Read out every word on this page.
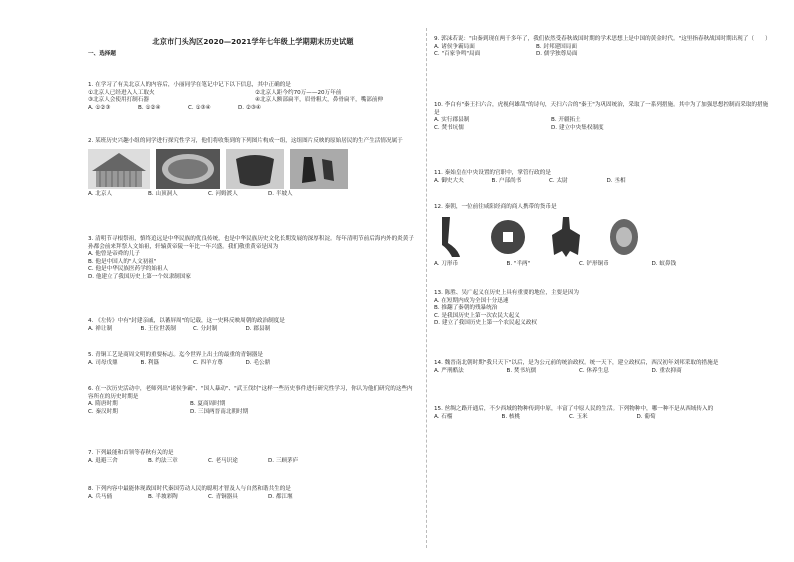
北京市门头沟区2020—2021学年七年级上学期期末历史试题
一、选择题

1. 在学习了有关北京人的内容后，小丽同学在笔记中记下以下信息，其中正确的是

①北京人已经进入人工取火	②北京人距今约70万——20万年前
③北京人会使用打制石器	④北京人额部扁平，眉骨粗大，鼻骨扁平，嘴部前伸
A. ①②③	B. ①②④	C. ①③④	D. ②③④

2. 某班历史兴趣小组的同学进行探究性学习，他们将收集到的下列图片构成一组，这组图片反映的原始居民的生产生活情况属于

A. 北京人	B. 山顶洞人	C. 河姆渡人	D. 半坡人

3. 清明节寻根祭祖，慎终追远是中华民族的优良传统，也是中华民族历史文化长期发展的深厚积淀。每年清明节前后海内外的炎黄子孙都会前来拜祭人文始祖，轩辕黄帝陵一年比一年兴盛。我们敬重黄帝是因为

A. 他曾是帝舜的儿子

B. 他是中国人的"人文初祖"

C. 他是中华民族医药学的始祖人

D. 他建立了我国历史上第一个奴隶制国家

4. 《左传》中有"封建亲戚，以蕃屏周"的记载，这一史料反映周朝的政治制度是

A. 禅让制	B. 王位世袭制	C. 分封制	D. 郡县制

5. 青铜工艺是商周文明的重要标志。迄今世界上出土的最重的青铜器是

A. 司母戊鼎	B. 利簋	C. 四羊方尊	D. 毛公鼎

6. 在一次历史活动中，老师列出"诸侯争霸"、"国人暴动"、"武王伐纣"这样一些历史事件进行研究性学习，你认为他们研究的这些内容所在的历史时期是

A. 隋唐时期	B. 夏商周时期
C. 秦汉时期	D. 三国两晋南北朝时期

7. 下列最能和首领等春秋有关的是

A. 退避三舍	B. 约法三章	C. 老马识途	D. 三顾茅庐

8. 下列内容中最能体现战国时代秦国劳动人民的聪明才智及人与自然和谐共生的是

A. 兵马俑	B. 半坡彩陶	C. 青铜器具	D. 都江堰

9. 郭沫若说："由秦到现在两千多年了，我们依然受春秋战国时期的学术思想上是中国的黄金时代。"这里指春秋战国时期出现了（　　）

A. 诸侯争霸局面	B. 封邦建国局面
C. "百家争鸣"局面	D. 儒学独尊局面

10. 李白有"秦王扫六合，虎视何雄哉"的诗句，天扫六合的"秦王"为巩固统治，采取了一系列措施。其中为了加强思想控制而采取的措施是

A. 实行郡县制	B. 开疆拓土
C. 焚书坑儒	D. 建立中央集权制度

11. 秦始皇在中央设置的官职中，掌管行政的是

A. 御史大夫	B. 户部尚书	C. 太尉	D. 丞相

12. 秦朝，一位前往咸阳经商的商人携带的货币是

A. 刀形币	B. "半两"	C. 铲形铜币	D. 蚁鼻钱

13. 陈胜、吴广起义在历史上具有重要的地位，主要是因为

A. 在短期内成为全国十分迅速

B. 推翻了秦朝的残暴统治

C. 是我国历史上第一次农民大起义

D. 建立了我国历史上第一个农民起义政权

14. 魏晋南北朝时期"我只天下"以后，是为公元前的统治政权。统一天下，建立政权后，西汉初年刘邦采取的措施是

A. 严刑酷法	B. 焚书坑儒	C. 休养生息	D. 重农抑商

15. 丝绸之路开通后，不少西域的物种传到中原，丰富了中原人民的生活。下列物种中，哪一种不是从西域传入的

A. 石榴	B. 核桃	C. 玉米	D. 葡萄
